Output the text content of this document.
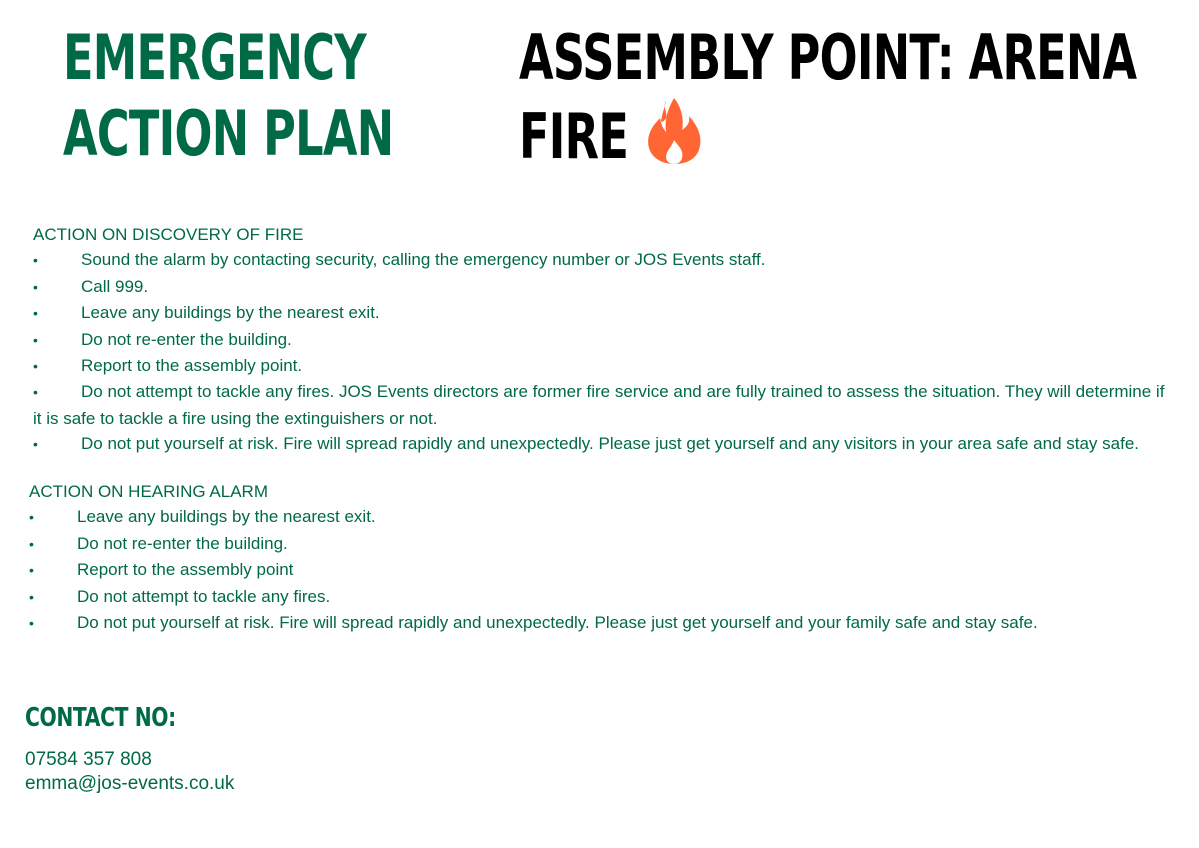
EMERGENCY
ACTION PLAN
ASSEMBLY POINT: ARENA
FIRE
ACTION ON DISCOVERY OF FIRE
•	Sound the alarm by contacting security, calling the emergency number or JOS Events staff.
•	Call 999.
•	Leave any buildings by the nearest exit.
•	Do not re-enter the building.
•	Report to the assembly point.
•	Do not attempt to tackle any fires. JOS Events directors are former fire service and are fully trained to assess the situation. They will determine if it is safe to tackle a fire using the extinguishers or not.
•	Do not put yourself at risk. Fire will spread rapidly and unexpectedly. Please just get yourself and any visitors in your area safe and stay safe.
ACTION ON HEARING ALARM
•	Leave any buildings by the nearest exit.
•	Do not re-enter the building.
•	Report to the assembly point
•	Do not attempt to tackle any fires.
•	Do not put yourself at risk. Fire will spread rapidly and unexpectedly. Please just get yourself and your family safe and stay safe.
CONTACT NO:
07584 357 808
emma@jos-events.co.uk
